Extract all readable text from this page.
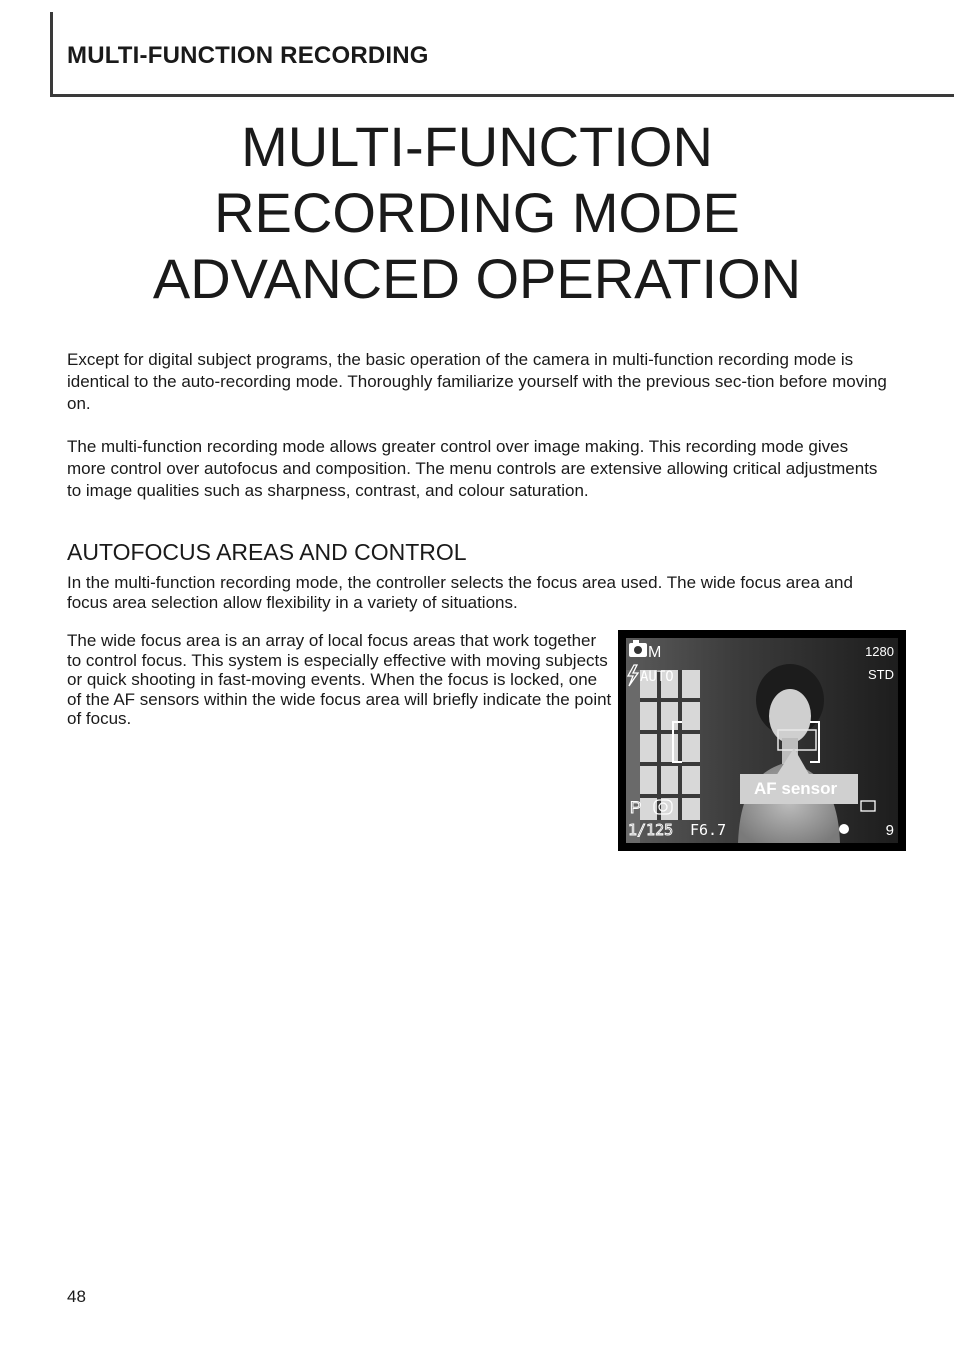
MULTI-FUNCTION RECORDING
MULTI-FUNCTION
RECORDING MODE
ADVANCED OPERATION
Except for digital subject programs, the basic operation of the camera in multi-function recording mode is identical to the auto-recording mode. Thoroughly familiarize yourself with the previous sec-tion before moving on.
The multi-function recording mode allows greater control over image making. This recording mode gives more control over autofocus and composition. The menu controls are extensive allowing critical adjustments to image qualities such as sharpness, contrast, and colour saturation.
AUTOFOCUS AREAS AND CONTROL
In the multi-function recording mode, the controller selects the focus area used. The wide focus area and focus area selection allow flexibility in a variety of situations.
The wide focus area is an array of local focus areas that work together to control focus. This system is especially effective with moving subjects or quick shooting in fast-moving events. When the focus is locked, one of the AF sensors within the wide focus area will briefly indicate the point of focus.
AF sensor
M
AUTO
1280
STD
P
1/125 F6.7	9
48
